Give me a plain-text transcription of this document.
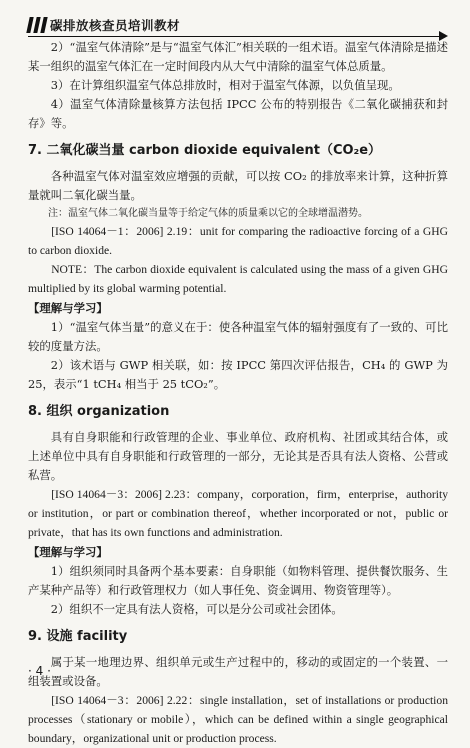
碳排放核查员培训教材

2）“温室气体清除”是与“温室气体汇”相关联的一组术语。温室气体清除是描述某一组织的温室气体汇在一定时间段内从大气中清除的温室气体总质量。

3）在计算组织温室气体总排放时，相对于温室气体源，以负值呈现。

4）温室气体清除量核算方法包括 IPCC 公布的特别报告《二氧化碳捕获和封存》等。

7. 二氧化碳当量 carbon dioxide equivalent（CO₂e）

各种温室气体对温室效应增强的贡献，可以按 CO₂ 的排放率来计算，这种折算量就叫二氧化碳当量。

注：温室气体二氧化碳当量等于给定气体的质量乘以它的全球增温潜势。

[ISO 14064－1：2006] 2.19：unit for comparing the radioactive forcing of a GHG to carbon dioxide.

NOTE：The carbon dioxide equivalent is calculated using the mass of a given GHG multiplied by its global warming potential.

【理解与学习】

1）“温室气体当量”的意义在于：使各种温室气体的辐射强度有了一致的、可比较的度量方法。

2）该术语与 GWP 相关联，如：按 IPCC 第四次评估报告，CH₄ 的 GWP 为 25，表示“1 tCH₄ 相当于 25 tCO₂”。

8. 组织 organization

具有自身职能和行政管理的企业、事业单位、政府机构、社团或其结合体，或上述单位中具有自身职能和行政管理的一部分，无论其是否具有法人资格、公营或私营。

[ISO 14064－3：2006] 2.23：company，corporation，firm，enterprise，authority or institution，or part or combination thereof，whether incorporated or not，public or private，that has its own functions and administration.

【理解与学习】

1）组织须同时具备两个基本要素：自身职能（如物料管理、提供餐饮服务、生产某种产品等）和行政管理权力（如人事任免、资金调用、物资管理等）。

2）组织不一定具有法人资格，可以是分公司或社会团体。

9. 设施 facility

属于某一地理边界、组织单元或生产过程中的，移动的或固定的一个装置、一组装置或设备。

[ISO 14064－3：2006] 2.22：single installation，set of installations or production processes（stationary or mobile），which can be defined within a single geographical boundary，organizational unit or production process.

· 4 ·
